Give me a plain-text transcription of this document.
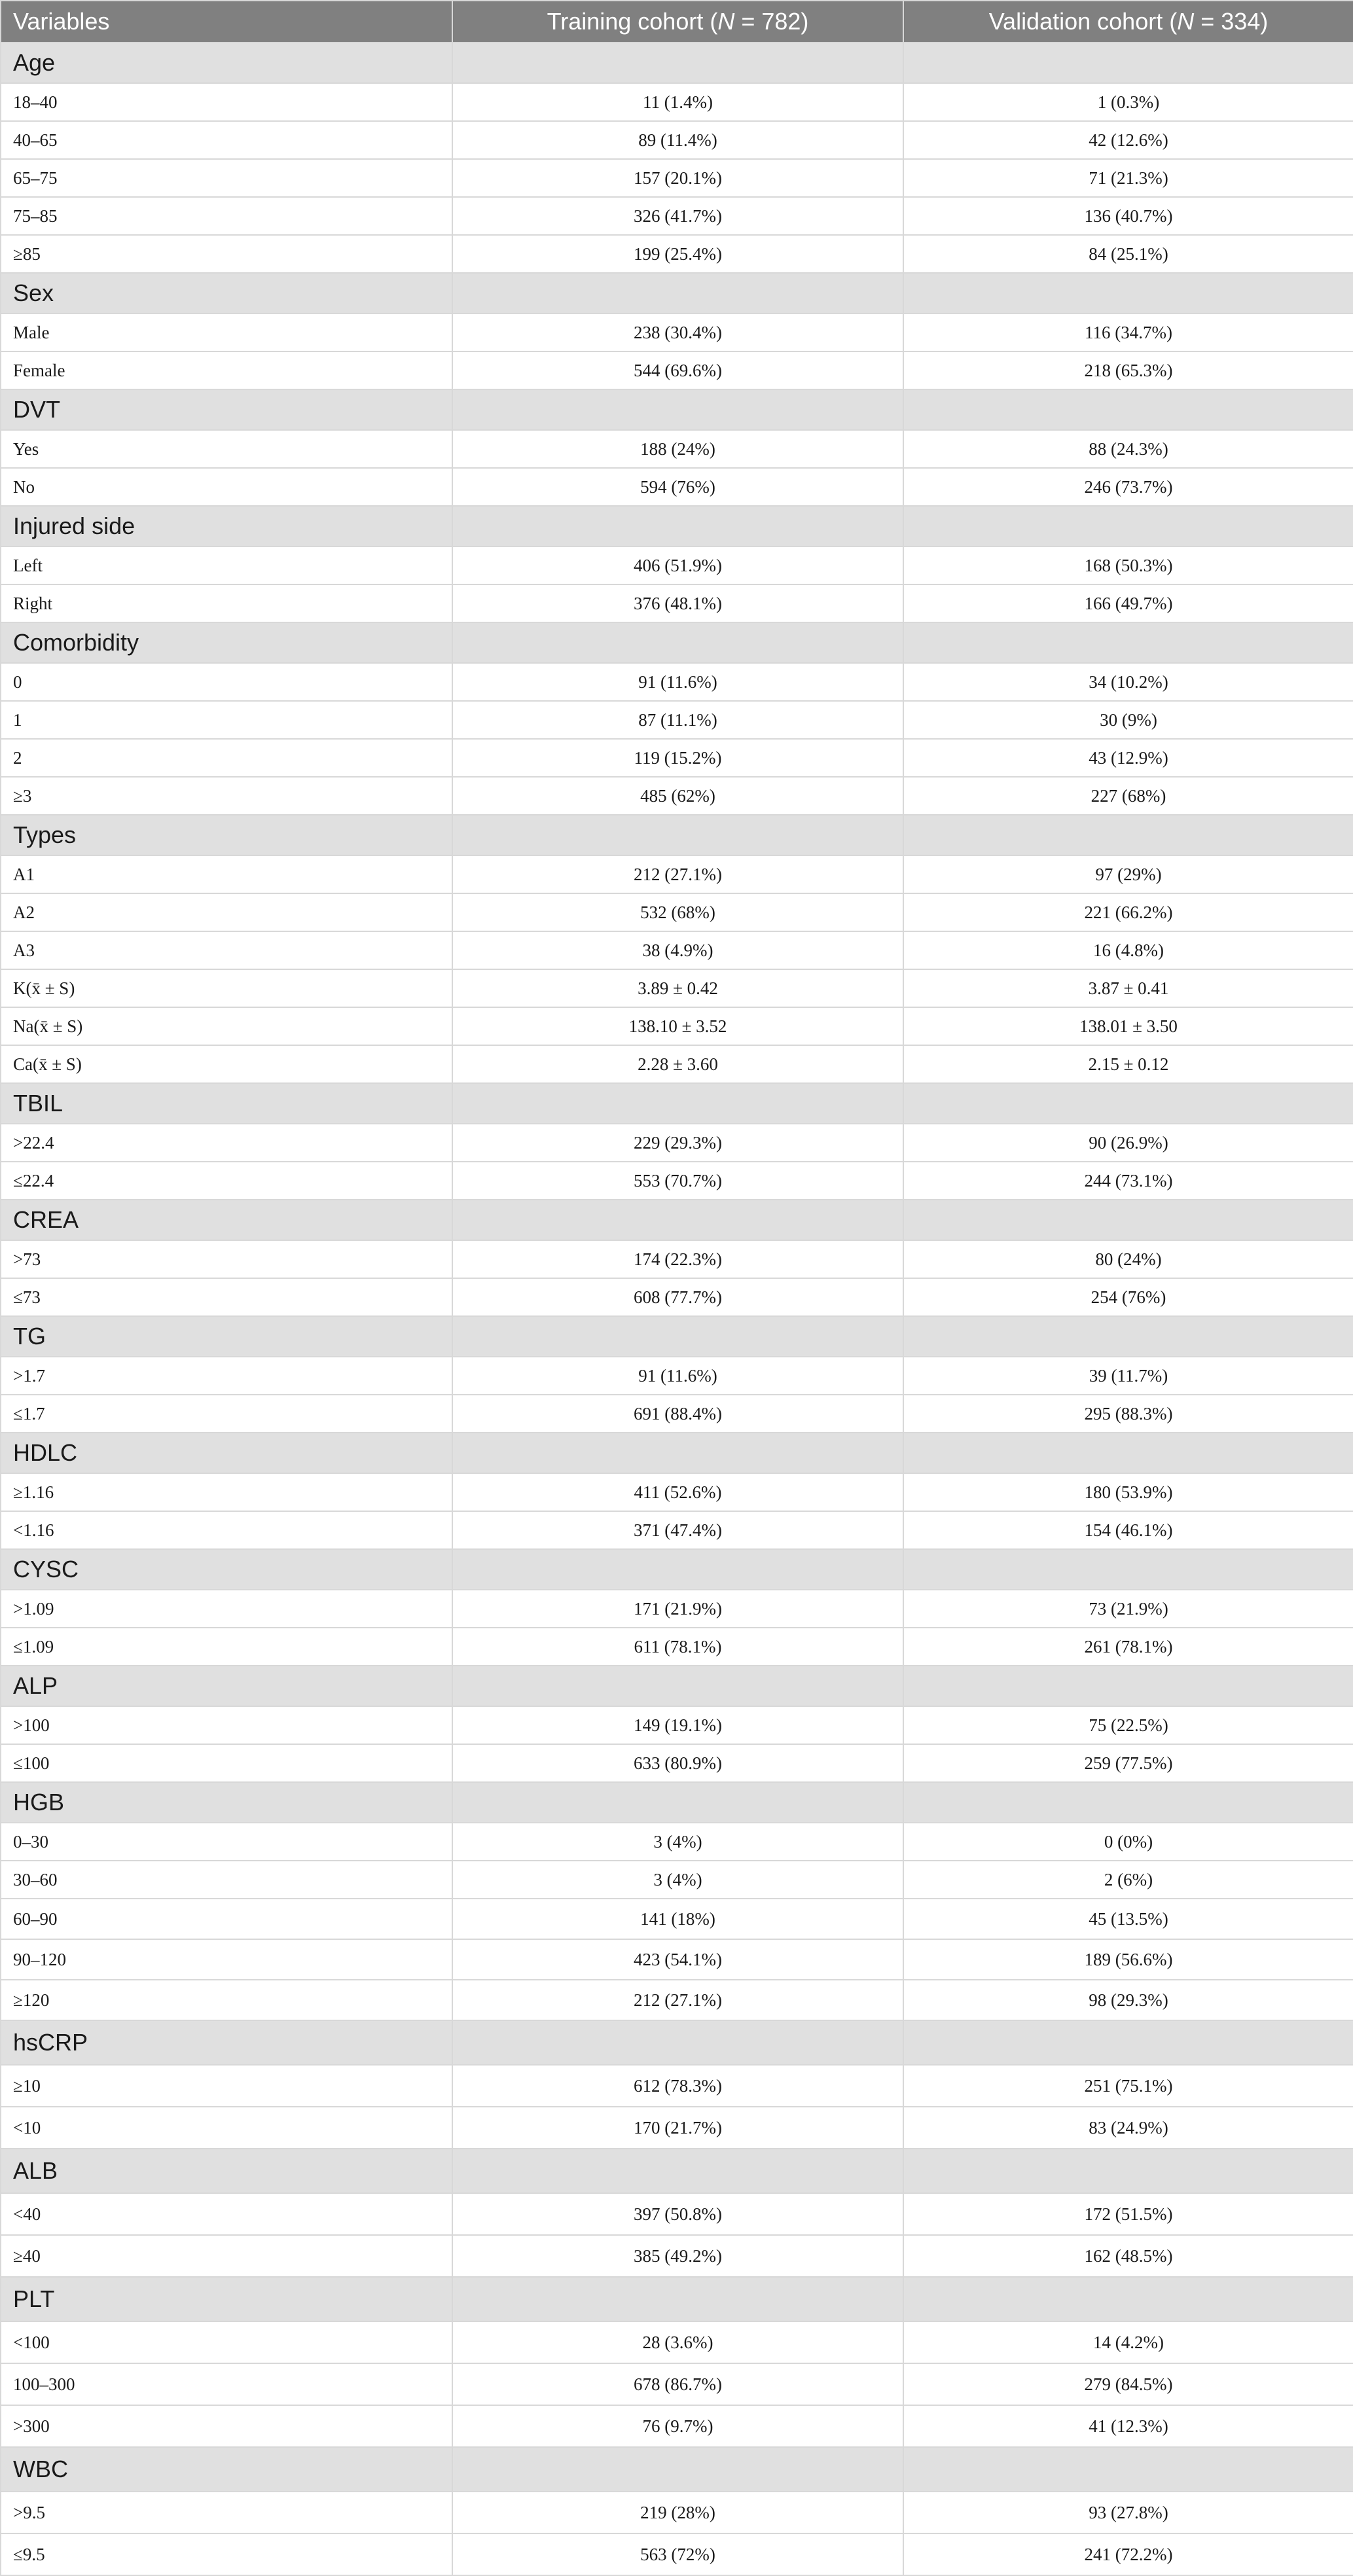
Variables	Training cohort (N = 782)	Validation cohort (N = 334)
Age		
18–40	11 (1.4%)	1 (0.3%)
40–65	89 (11.4%)	42 (12.6%)
65–75	157 (20.1%)	71 (21.3%)
75–85	326 (41.7%)	136 (40.7%)
≥85	199 (25.4%)	84 (25.1%)
Sex		
Male	238 (30.4%)	116 (34.7%)
Female	544 (69.6%)	218 (65.3%)
DVT		
Yes	188 (24%)	88 (24.3%)
No	594 (76%)	246 (73.7%)
Injured side		
Left	406 (51.9%)	168 (50.3%)
Right	376 (48.1%)	166 (49.7%)
Comorbidity		
0	91 (11.6%)	34 (10.2%)
1	87 (11.1%)	30 (9%)
2	119 (15.2%)	43 (12.9%)
≥3	485 (62%)	227 (68%)
Types		
A1	212 (27.1%)	97 (29%)
A2	532 (68%)	221 (66.2%)
A3	38 (4.9%)	16 (4.8%)
K(x̄ ± S)	3.89 ± 0.42	3.87 ± 0.41
Na(x̄ ± S)	138.10 ± 3.52	138.01 ± 3.50
Ca(x̄ ± S)	2.28 ± 3.60	2.15 ± 0.12
TBIL		
>22.4	229 (29.3%)	90 (26.9%)
≤22.4	553 (70.7%)	244 (73.1%)
CREA		
>73	174 (22.3%)	80 (24%)
≤73	608 (77.7%)	254 (76%)
TG		
>1.7	91 (11.6%)	39 (11.7%)
≤1.7	691 (88.4%)	295 (88.3%)
HDLC		
≥1.16	411 (52.6%)	180 (53.9%)
<1.16	371 (47.4%)	154 (46.1%)
CYSC		
>1.09	171 (21.9%)	73 (21.9%)
≤1.09	611 (78.1%)	261 (78.1%)
ALP		
>100	149 (19.1%)	75 (22.5%)
≤100	633 (80.9%)	259 (77.5%)
HGB		
0–30	3 (4%)	0 (0%)
30–60	3 (4%)	2 (6%)
60–90	141 (18%)	45 (13.5%)
90–120	423 (54.1%)	189 (56.6%)
≥120	212 (27.1%)	98 (29.3%)
hsCRP		
≥10	612 (78.3%)	251 (75.1%)
<10	170 (21.7%)	83 (24.9%)
ALB		
<40	397 (50.8%)	172 (51.5%)
≥40	385 (49.2%)	162 (48.5%)
PLT		
<100	28 (3.6%)	14 (4.2%)
100–300	678 (86.7%)	279 (84.5%)
>300	76 (9.7%)	41 (12.3%)
WBC		
>9.5	219 (28%)	93 (27.8%)
≤9.5	563 (72%)	241 (72.2%)
